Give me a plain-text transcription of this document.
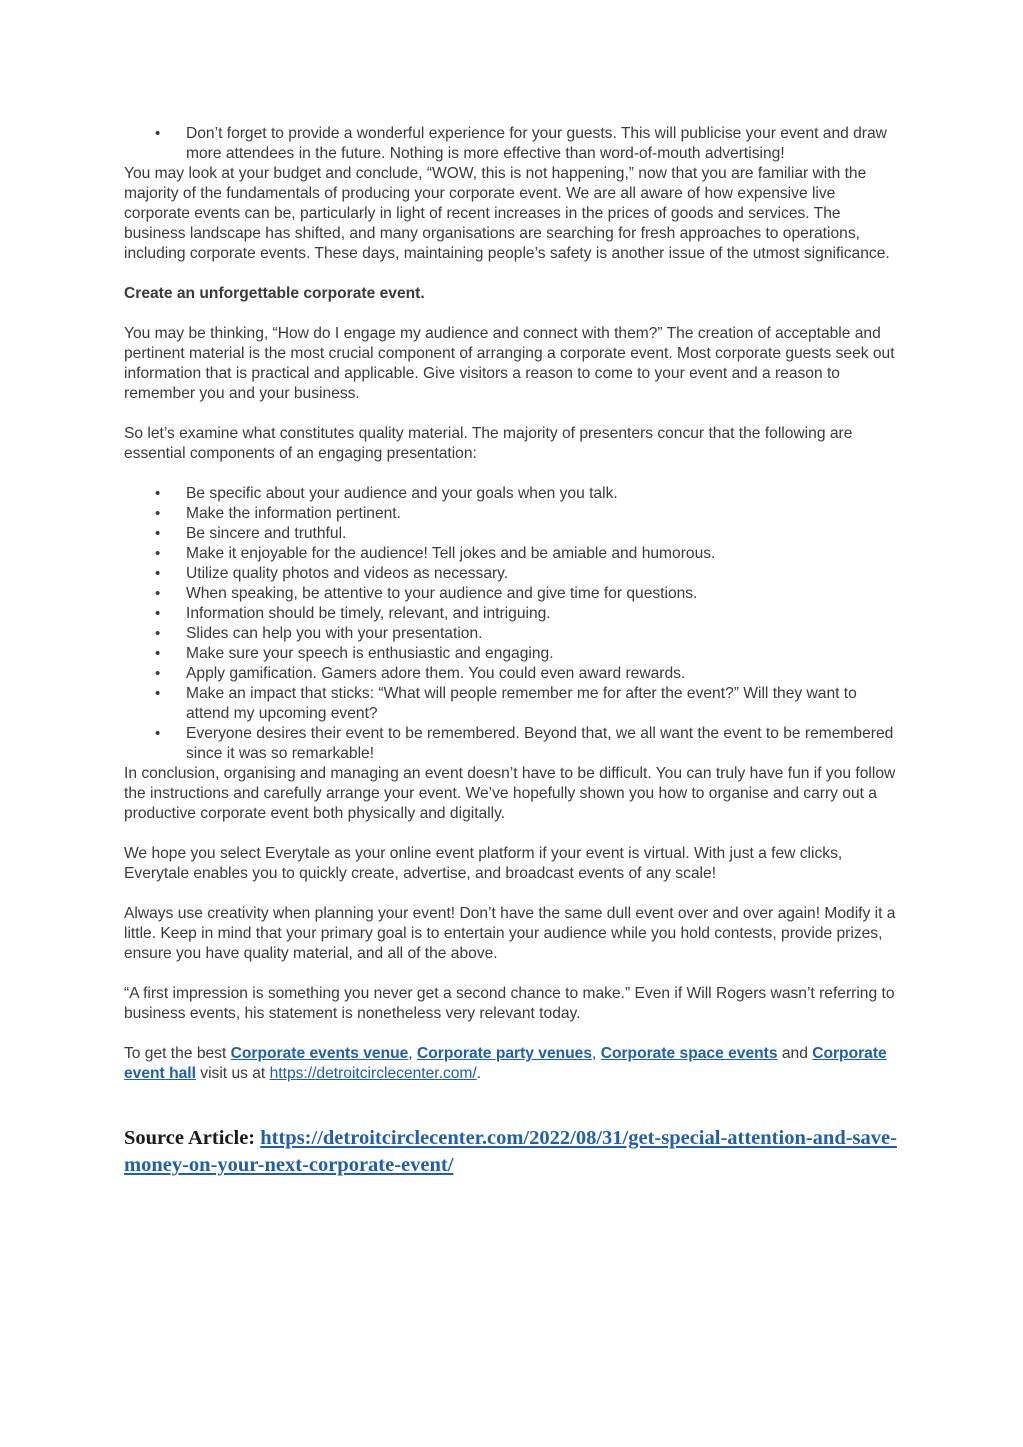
• Don’t forget to provide a wonderful experience for your guests. This will publicise your event and draw more attendees in the future. Nothing is more effective than word-of-mouth advertising!

You may look at your budget and conclude, “WOW, this is not happening,” now that you are familiar with the majority of the fundamentals of producing your corporate event. We are all aware of how expensive live corporate events can be, particularly in light of recent increases in the prices of goods and services. The business landscape has shifted, and many organisations are searching for fresh approaches to operations, including corporate events. These days, maintaining people’s safety is another issue of the utmost significance.

Create an unforgettable corporate event.

You may be thinking, “How do I engage my audience and connect with them?” The creation of acceptable and pertinent material is the most crucial component of arranging a corporate event. Most corporate guests seek out information that is practical and applicable. Give visitors a reason to come to your event and a reason to remember you and your business.

So let’s examine what constitutes quality material. The majority of presenters concur that the following are essential components of an engaging presentation:

• Be specific about your audience and your goals when you talk.
• Make the information pertinent.
• Be sincere and truthful.
• Make it enjoyable for the audience! Tell jokes and be amiable and humorous.
• Utilize quality photos and videos as necessary.
• When speaking, be attentive to your audience and give time for questions.
• Information should be timely, relevant, and intriguing.
• Slides can help you with your presentation.
• Make sure your speech is enthusiastic and engaging.
• Apply gamification. Gamers adore them. You could even award rewards.
• Make an impact that sticks: “What will people remember me for after the event?” Will they want to attend my upcoming event?
• Everyone desires their event to be remembered. Beyond that, we all want the event to be remembered since it was so remarkable!

In conclusion, organising and managing an event doesn’t have to be difficult. You can truly have fun if you follow the instructions and carefully arrange your event. We’ve hopefully shown you how to organise and carry out a productive corporate event both physically and digitally.

We hope you select Everytale as your online event platform if your event is virtual. With just a few clicks, Everytale enables you to quickly create, advertise, and broadcast events of any scale!

Always use creativity when planning your event! Don’t have the same dull event over and over again! Modify it a little. Keep in mind that your primary goal is to entertain your audience while you hold contests, provide prizes, ensure you have quality material, and all of the above.

“A first impression is something you never get a second chance to make.” Even if Will Rogers wasn’t referring to business events, his statement is nonetheless very relevant today.

To get the best Corporate events venue, Corporate party venues, Corporate space events and Corporate event hall visit us at https://detroitcirclecenter.com/.

Source Article: https://detroitcirclecenter.com/2022/08/31/get-special-attention-and-save-money-on-your-next-corporate-event/
